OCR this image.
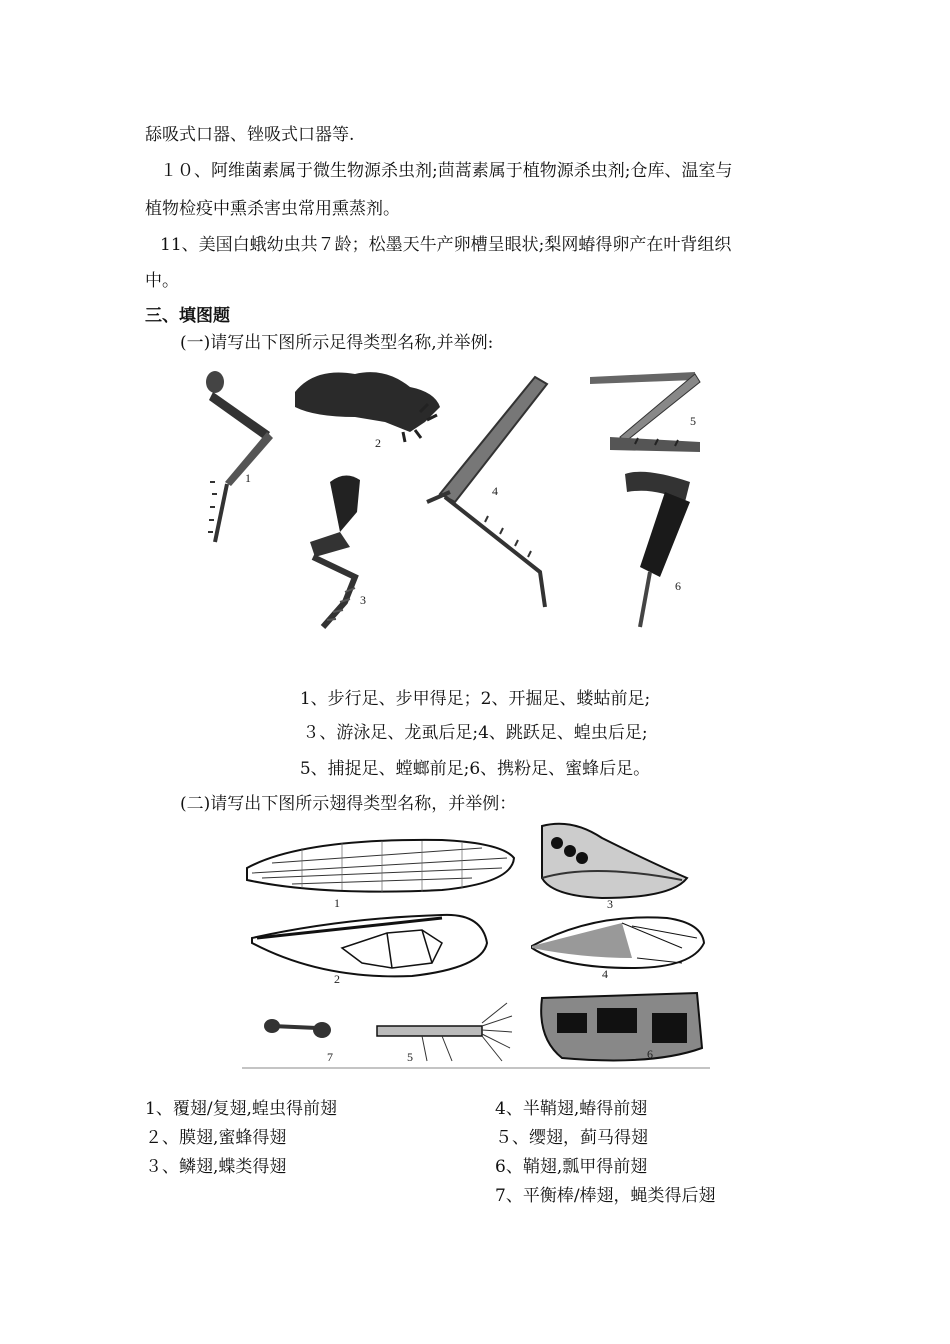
舔吸式口器、锉吸式口器等.
１０、阿维菌素属于微生物源杀虫剂;茴蒿素属于植物源杀虫剂;仓库、温室与
植物检疫中熏杀害虫常用熏蒸剂。
11、美国白蛾幼虫共７龄；松墨天牛产卵槽呈眼状;梨网蝽得卵产在叶背组织
中。
三、填图题
(一)请写出下图所示足得类型名称,并举例:
1
2
3
4
5
6
1、步行足、步甲得足；2、开掘足、蝼蛄前足;
３、游泳足、龙虱后足;4、跳跃足、蝗虫后足;
5、捕捉足、螳螂前足;6、携粉足、蜜蜂后足。
(二)请写出下图所示翅得类型名称，并举例：
1	3
2	4
7	5	6
1、覆翅/复翅,蝗虫得前翅
２、膜翅,蜜蜂得翅
３、鳞翅,蝶类得翅
4、半鞘翅,蝽得前翅
５、缨翅，蓟马得翅
6、鞘翅,瓢甲得前翅
7、平衡棒/棒翅，蝇类得后翅
